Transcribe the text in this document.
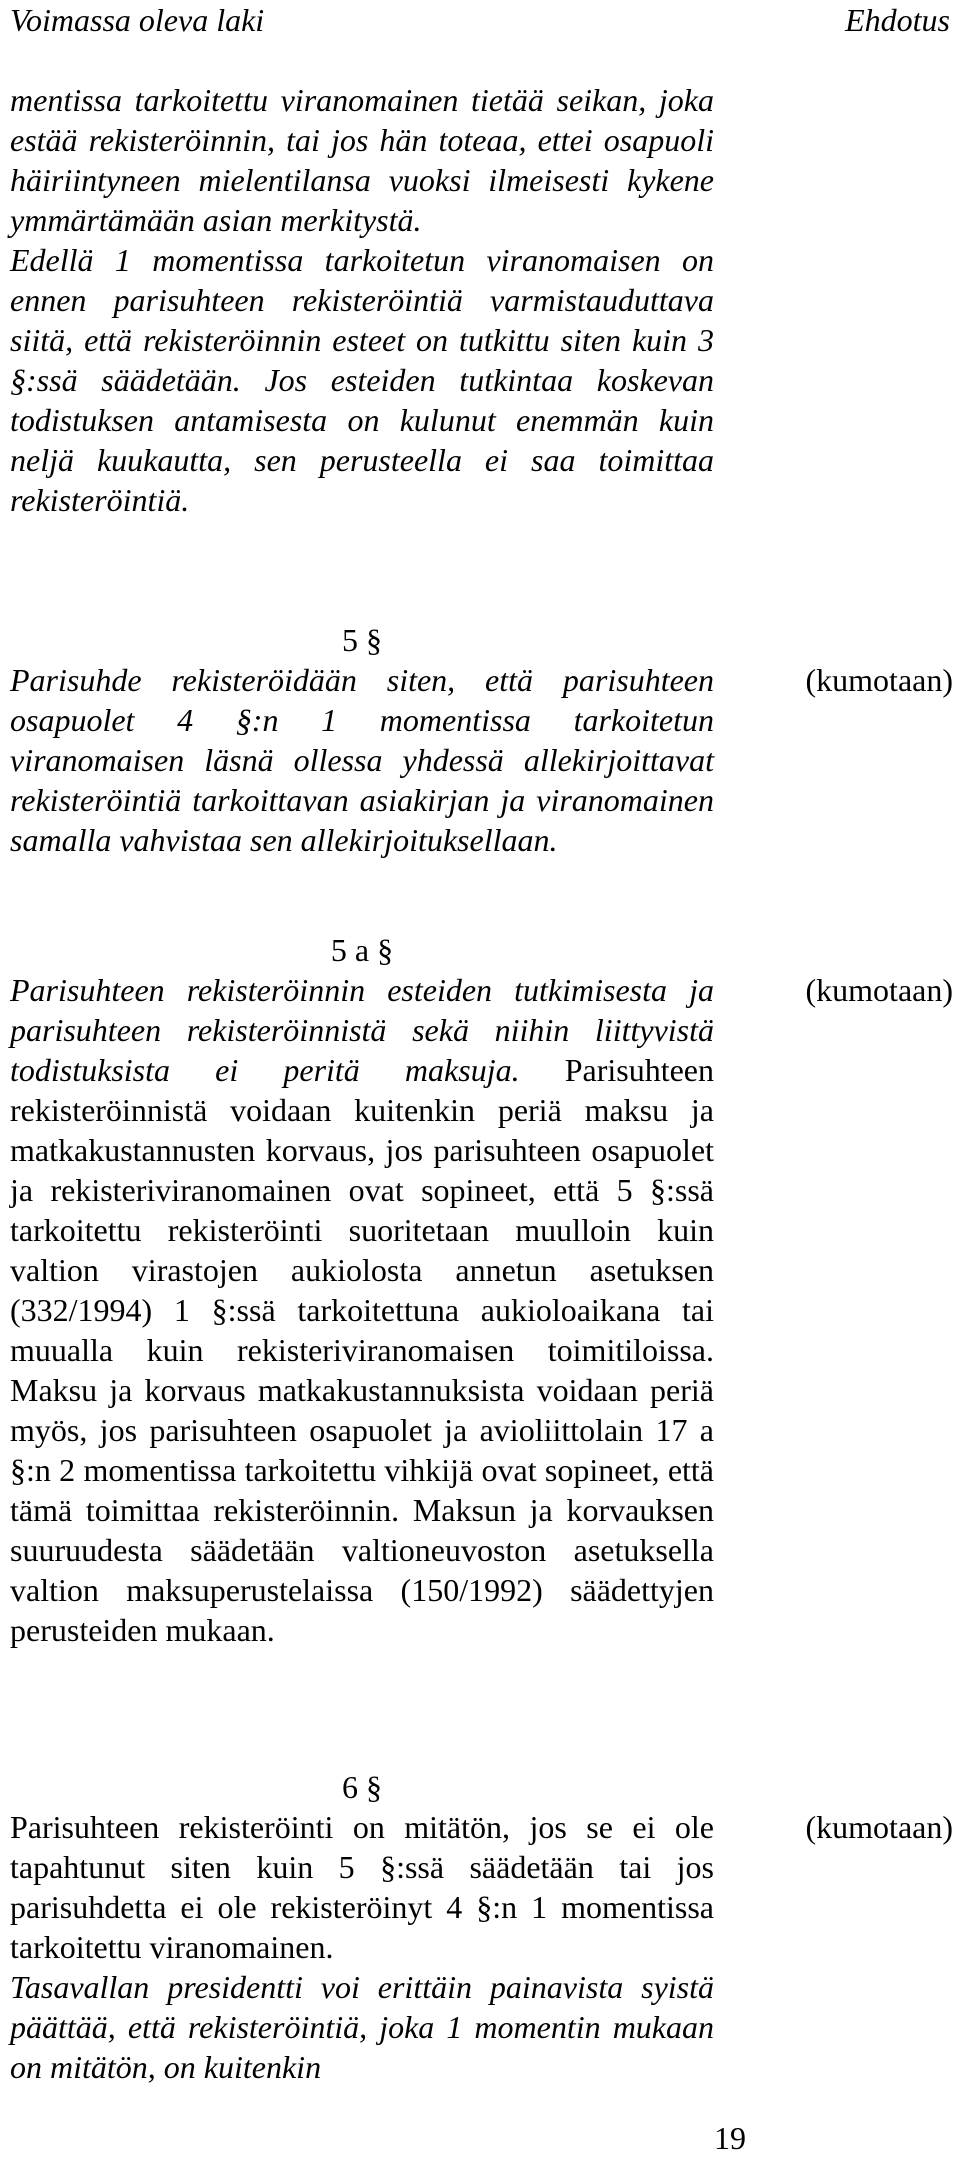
Voimassa oleva laki	Ehdotus

mentissa tarkoitettu viranomainen tietää seikan, joka estää rekisteröinnin, tai jos hän toteaa, ettei osapuoli häiriintyneen mielentilansa vuoksi ilmeisesti kykene ymmärtämään asian merkitystä.

Edellä 1 momentissa tarkoitetun viranomaisen on ennen parisuhteen rekisteröintiä varmistauduttava siitä, että rekisteröinnin esteet on tutkittu siten kuin 3 §:ssä säädetään. Jos esteiden tutkintaa koskevan todistuksen antamisesta on kulunut enemmän kuin neljä kuukautta, sen perusteella ei saa toimittaa rekisteröintiä.

5 §

Parisuhde rekisteröidään siten, että parisuhteen osapuolet 4 §:n 1 momentissa tarkoitetun viranomaisen läsnä ollessa yhdessä allekirjoittavat rekisteröintiä tarkoittavan asiakirjan ja viranomainen samalla vahvistaa sen allekirjoituksellaan.

(kumotaan)
5 a §

Parisuhteen rekisteröinnin esteiden tutkimisesta ja parisuhteen rekisteröinnistä sekä niihin liittyvistä todistuksista ei peritä maksuja. Parisuhteen rekisteröinnistä voidaan kuitenkin periä maksu ja matkakustannusten korvaus, jos parisuhteen osapuolet ja rekisteriviranomainen ovat sopineet, että 5 §:ssä tarkoitettu rekisteröinti suoritetaan muulloin kuin valtion virastojen aukiolosta annetun asetuksen (332/1994) 1 §:ssä tarkoitettuna aukioloaikana tai muualla kuin rekisteriviranomaisen toimitiloissa. Maksu ja korvaus matkakustannuksista voidaan periä myös, jos parisuhteen osapuolet ja avioliittolain 17 a §:n 2 momentissa tarkoitettu vihkijä ovat sopineet, että tämä toimittaa rekisteröinnin. Maksun ja korvauksen suuruudesta säädetään valtioneuvoston asetuksella valtion maksuperustelaissa (150/1992) säädettyjen perusteiden mukaan.

(kumotaan)
6 §

Parisuhteen rekisteröinti on mitätön, jos se ei ole tapahtunut siten kuin 5 §:ssä säädetään tai jos parisuhdetta ei ole rekisteröinyt 4 §:n 1 momentissa tarkoitettu viranomainen.

Tasavallan presidentti voi erittäin painavista syistä päättää, että rekisteröintiä, joka 1 momentin mukaan on mitätön, on kuitenkin

(kumotaan)
19
